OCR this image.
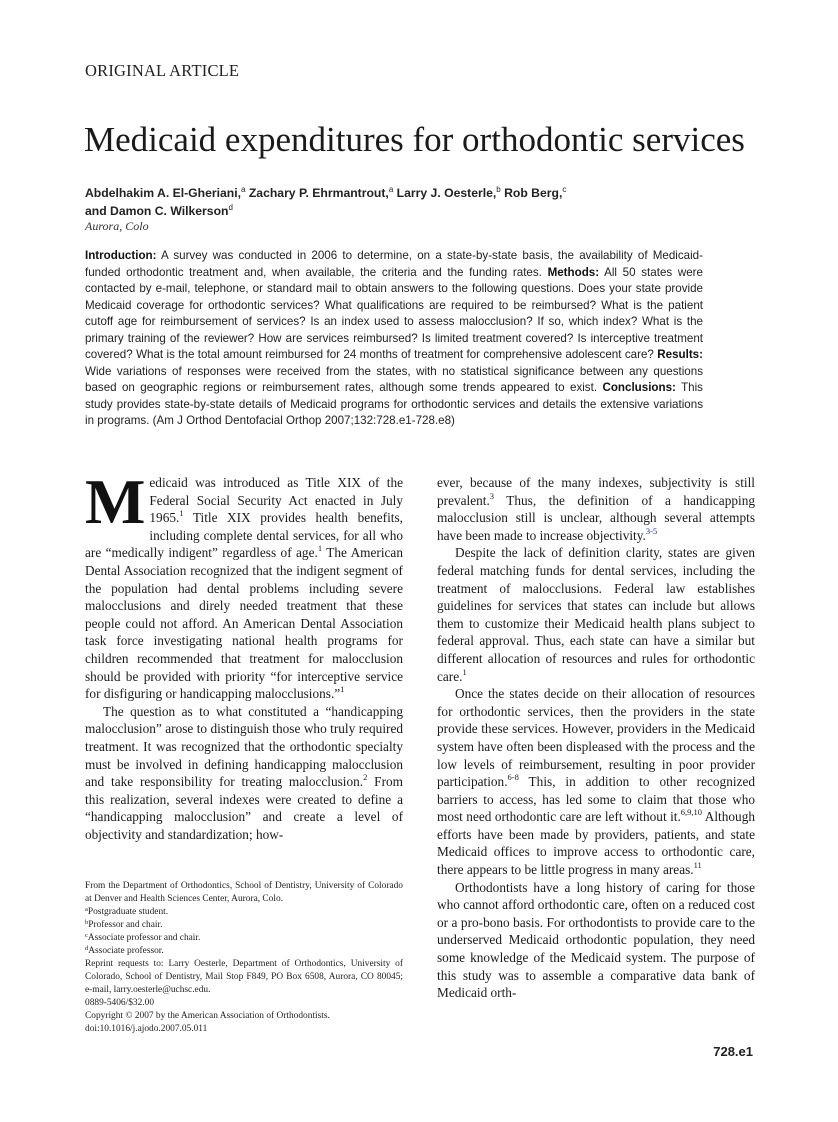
ORIGINAL ARTICLE
Medicaid expenditures for orthodontic services
Abdelhakim A. El-Gheriani,$^a$ Zachary P. Ehrmantrout,$^a$ Larry J. Oesterle,$^b$ Rob Berg,$^c$
and Damon C. Wilkerson$^d$
Aurora, Colo

Introduction: A survey was conducted in 2006 to determine, on a state-by-state basis, the availability of Medicaid-funded orthodontic treatment and, when available, the criteria and the funding rates. Methods: All 50 states were contacted by e-mail, telephone, or standard mail to obtain answers to the following questions. Does your state provide Medicaid coverage for orthodontic services? What qualifications are required to be reimbursed? What is the patient cutoff age for reimbursement of services? Is an index used to assess malocclusion? If so, which index? What is the primary training of the reviewer? How are services reimbursed? Is limited treatment covered? Is interceptive treatment covered? What is the total amount reimbursed for 24 months of treatment for comprehensive adolescent care? Results: Wide variations of responses were received from the states, with no statistical significance between any questions based on geographic regions or reimbursement rates, although some trends appeared to exist. Conclusions: This study provides state-by-state details of Medicaid programs for orthodontic services and details the extensive variations in programs. (Am J Orthod Dentofacial Orthop 2007;132:728.e1-728.e8)

Medicaid was introduced as Title XIX of the Federal Social Security Act enacted in July 1965.$^1$ Title XIX provides health benefits, including complete dental services, for all who are “medically indigent” regardless of age.$^1$ The American Dental Association recognized that the indigent segment of the population had dental problems including severe malocclusions and direly needed treatment that these people could not afford. An American Dental Association task force investigating national health programs for children recommended that treatment for malocclusion should be provided with priority “for interceptive service for disfiguring or handicapping malocclusions.”$^1$

The question as to what constituted a “handicapping malocclusion” arose to distinguish those who truly required treatment. It was recognized that the orthodontic specialty must be involved in defining handicapping malocclusion and take responsibility for treating malocclusion.$^2$ From this realization, several indexes were created to define a “handicapping malocclusion” and create a level of objectivity and standardization; how-

ever, because of the many indexes, subjectivity is still prevalent.$^3$ Thus, the definition of a handicapping malocclusion still is unclear, although several attempts have been made to increase objectivity.$^{3-5}$

Despite the lack of definition clarity, states are given federal matching funds for dental services, including the treatment of malocclusions. Federal law establishes guidelines for services that states can include but allows them to customize their Medicaid health plans subject to federal approval. Thus, each state can have a similar but different allocation of resources and rules for orthodontic care.$^1$

Once the states decide on their allocation of resources for orthodontic services, then the providers in the state provide these services. However, providers in the Medicaid system have often been displeased with the process and the low levels of reimbursement, resulting in poor provider participation.$^{6-8}$ This, in addition to other recognized barriers to access, has led some to claim that those who most need orthodontic care are left without it.$^{6,9,10}$ Although efforts have been made by providers, patients, and state Medicaid offices to improve access to orthodontic care, there appears to be little progress in many areas.$^{11}$

Orthodontists have a long history of caring for those who cannot afford orthodontic care, often on a reduced cost or a pro-bono basis. For orthodontists to provide care to the underserved Medicaid orthodontic population, they need some knowledge of the Medicaid system. The purpose of this study was to assemble a comparative data bank of Medicaid orth-

From the Department of Orthodontics, School of Dentistry, University of Colorado at Denver and Health Sciences Center, Aurora, Colo.
$^a$Postgraduate student.
$^b$Professor and chair.
$^c$Associate professor and chair.
$^d$Associate professor.
Reprint requests to: Larry Oesterle, Department of Orthodontics, University of Colorado, School of Dentistry, Mail Stop F849, PO Box 6508, Aurora, CO 80045; e-mail, larry.oesterle@uchsc.edu.
0889-5406/$32.00
Copyright © 2007 by the American Association of Orthodontists.
doi:10.1016/j.ajodo.2007.05.011
728.e1
